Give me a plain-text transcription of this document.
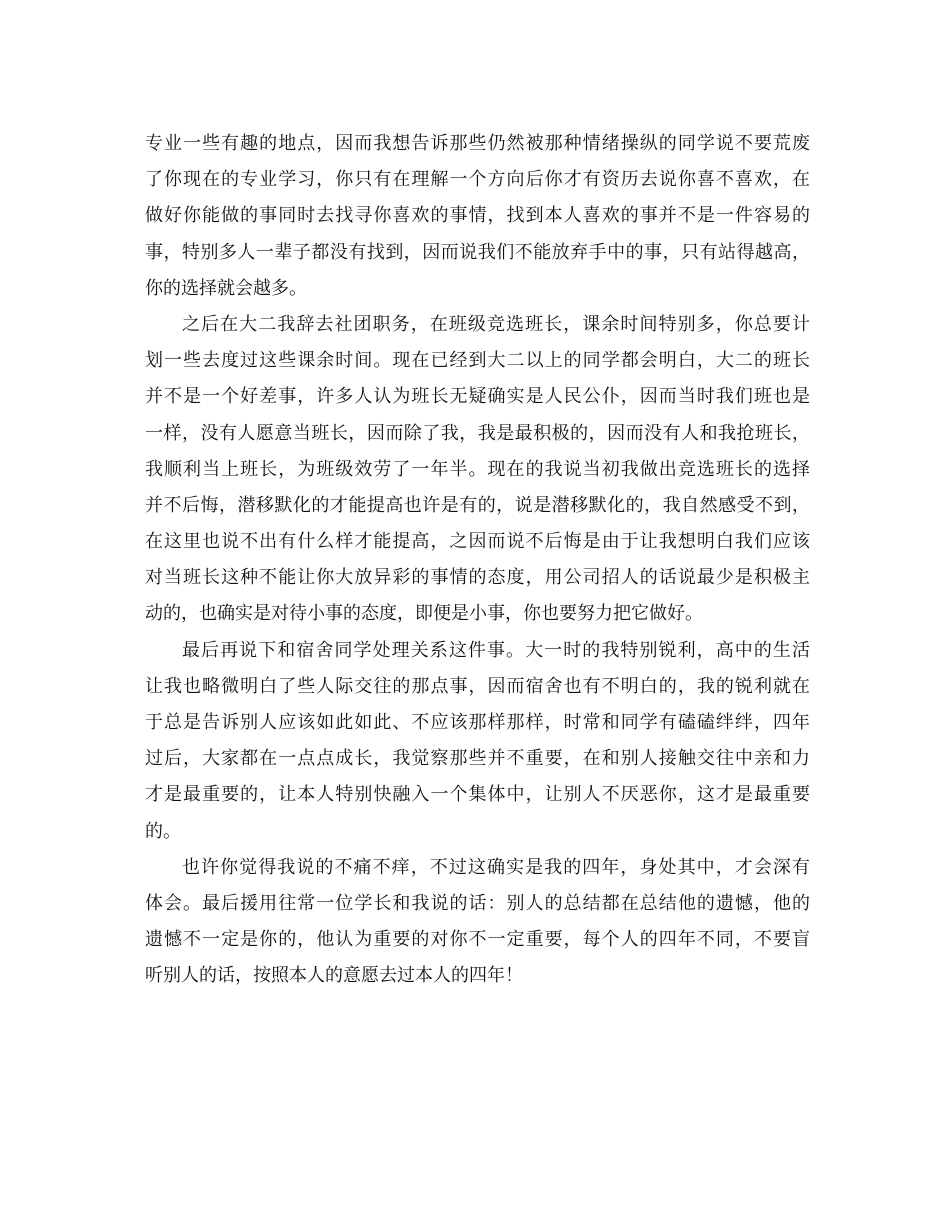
专业一些有趣的地点，因而我想告诉那些仍然被那种情绪操纵的同学说不要荒废
了你现在的专业学习，你只有在理解一个方向后你才有资历去说你喜不喜欢，在
做好你能做的事同时去找寻你喜欢的事情，找到本人喜欢的事并不是一件容易的
事，特别多人一辈子都没有找到，因而说我们不能放弃手中的事，只有站得越高，
你的选择就会越多。
之后在大二我辞去社团职务，在班级竞选班长，课余时间特别多，你总要计
划一些去度过这些课余时间。现在已经到大二以上的同学都会明白，大二的班长
并不是一个好差事，许多人认为班长无疑确实是人民公仆，因而当时我们班也是
一样，没有人愿意当班长，因而除了我，我是最积极的，因而没有人和我抢班长，
我顺利当上班长，为班级效劳了一年半。现在的我说当初我做出竞选班长的选择
并不后悔，潜移默化的才能提高也许是有的，说是潜移默化的，我自然感受不到，
在这里也说不出有什么样才能提高，之因而说不后悔是由于让我想明白我们应该
对当班长这种不能让你大放异彩的事情的态度，用公司招人的话说最少是积极主
动的，也确实是对待小事的态度，即便是小事，你也要努力把它做好。
最后再说下和宿舍同学处理关系这件事。大一时的我特别锐利，高中的生活
让我也略微明白了些人际交往的那点事，因而宿舍也有不明白的，我的锐利就在
于总是告诉别人应该如此如此、不应该那样那样，时常和同学有磕磕绊绊，四年
过后，大家都在一点点成长，我觉察那些并不重要，在和别人接触交往中亲和力
才是最重要的，让本人特别快融入一个集体中，让别人不厌恶你，这才是最重要
的。
也许你觉得我说的不痛不痒，不过这确实是我的四年，身处其中，才会深有
体会。最后援用往常一位学长和我说的话：别人的总结都在总结他的遗憾，他的
遗憾不一定是你的，他认为重要的对你不一定重要，每个人的四年不同，不要盲
听别人的话，按照本人的意愿去过本人的四年！
